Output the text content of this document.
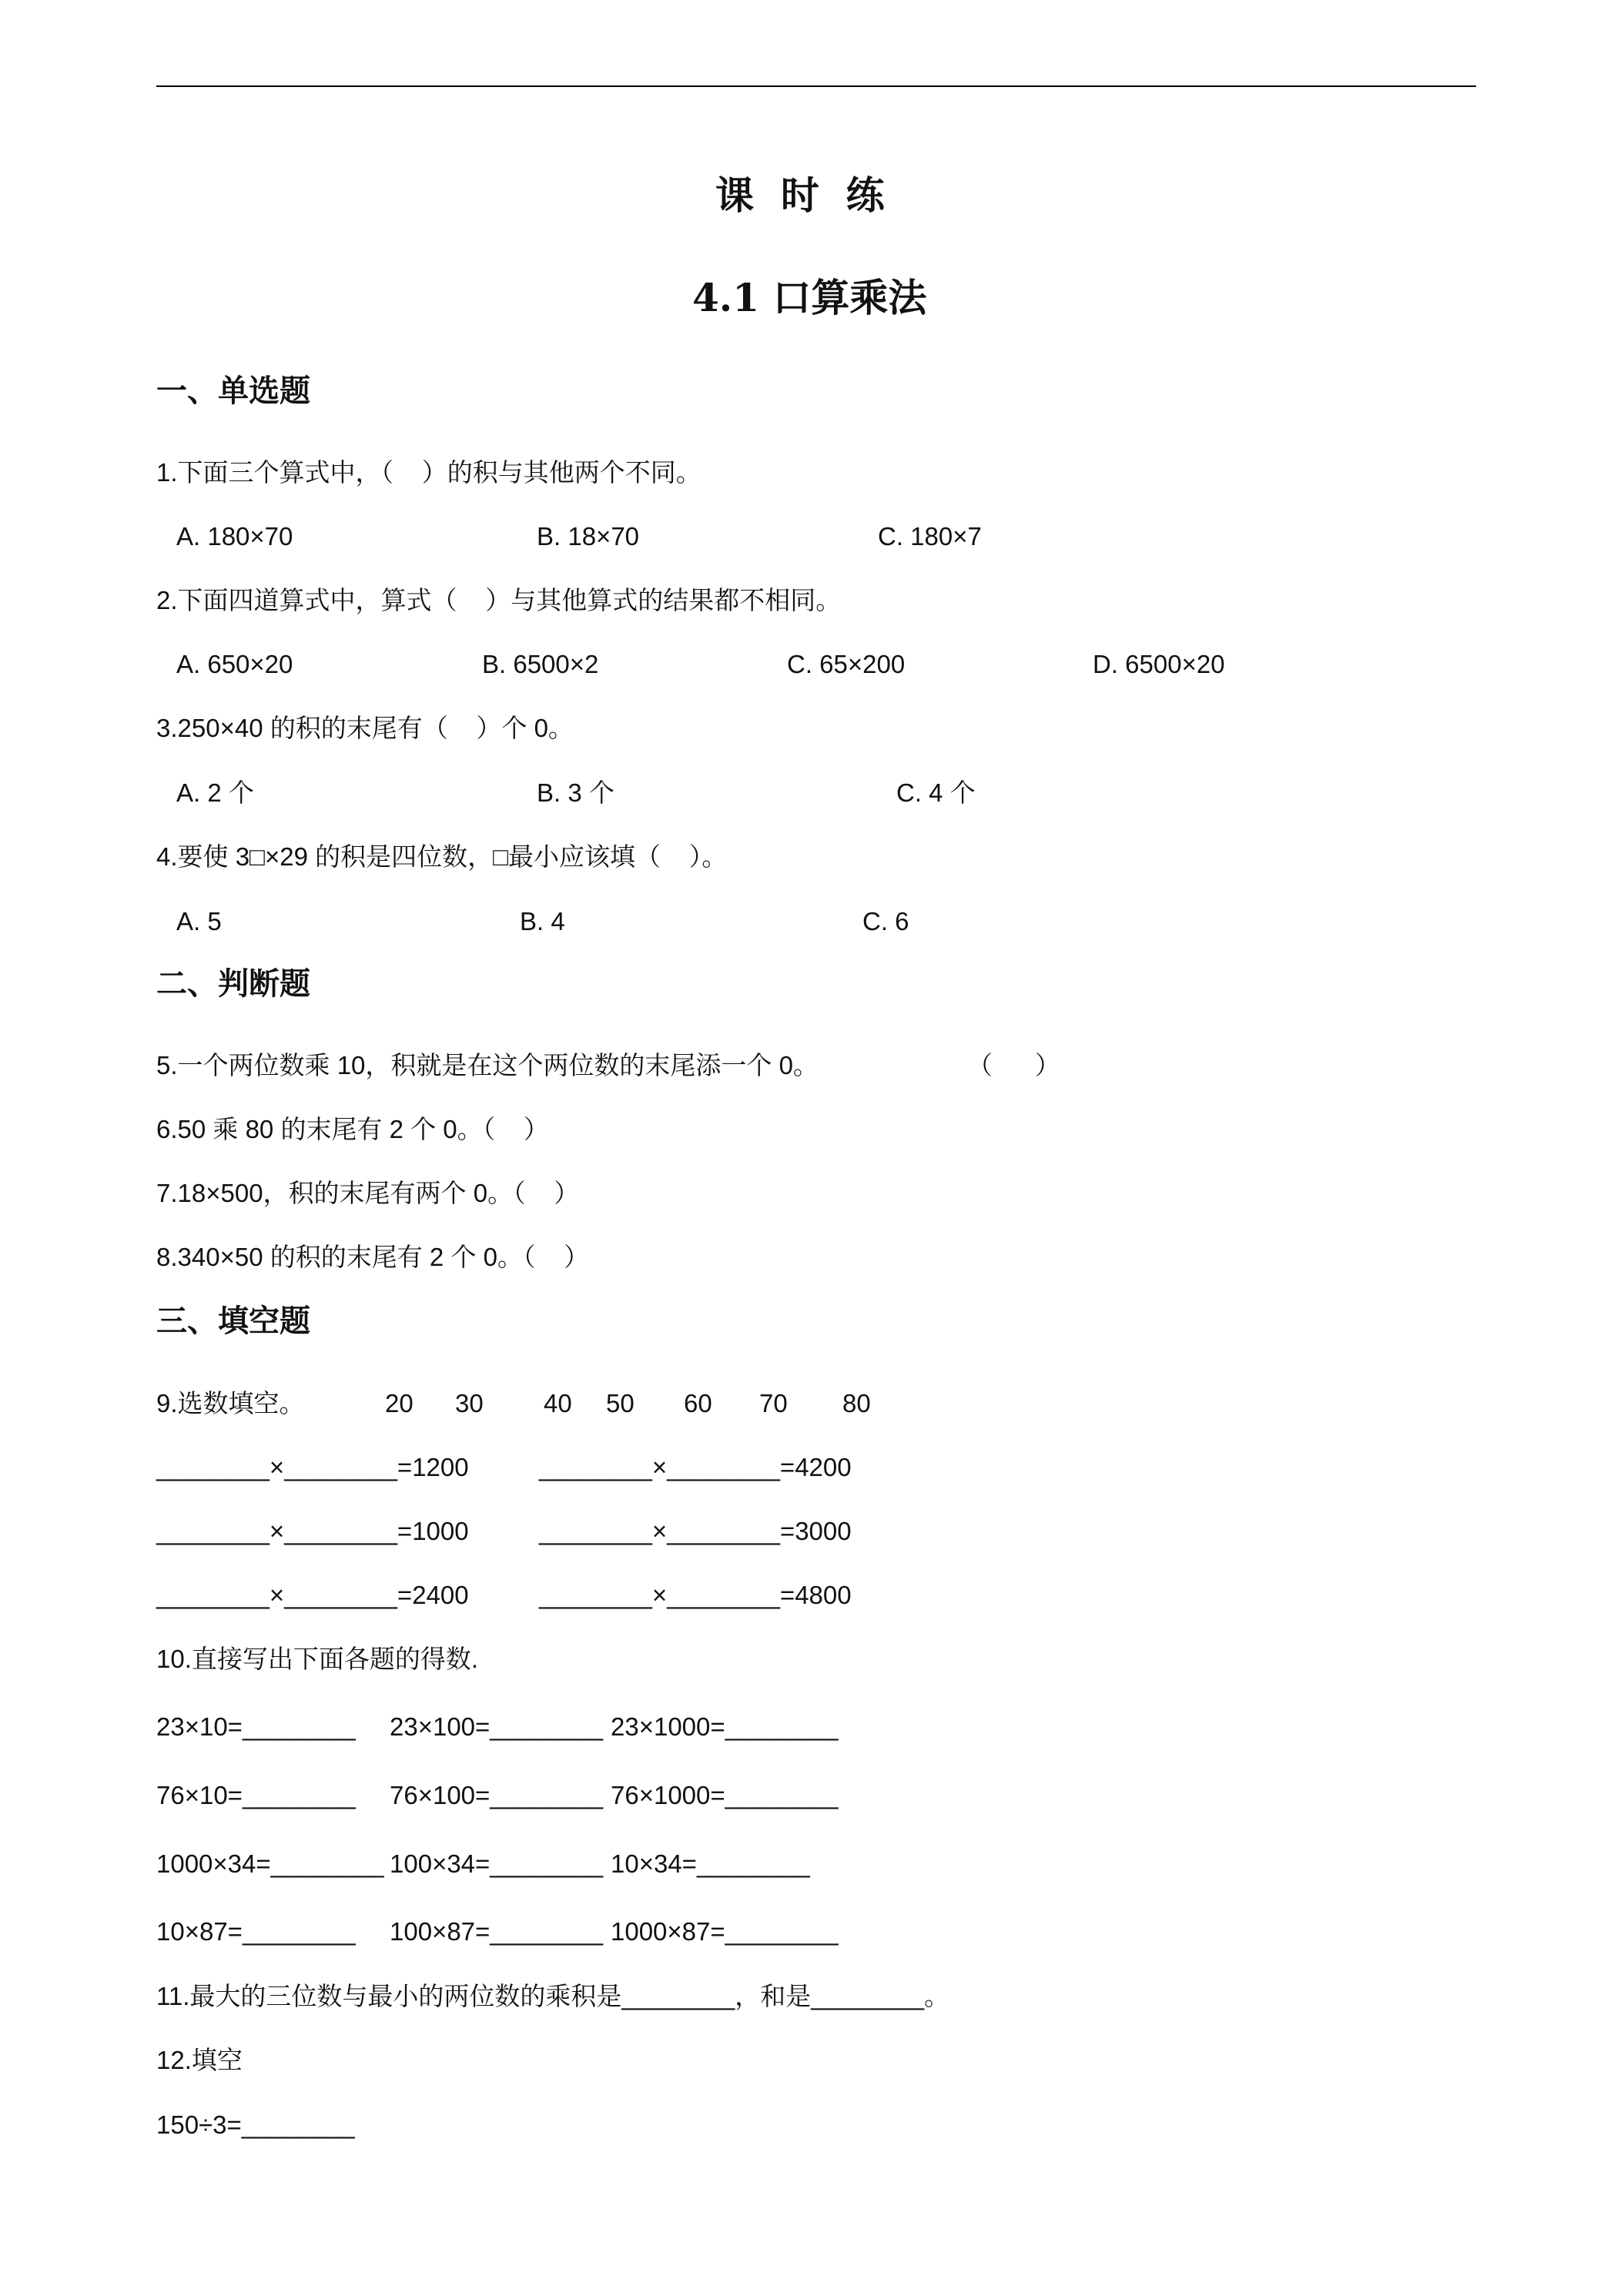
课  时  练
4.1 口算乘法
一、单选题
1.下面三个算式中，（    ）的积与其他两个不同。
A. 180×70	B. 18×70	C. 180×7
2.下面四道算式中，算式（    ）与其他算式的结果都不相同。
A. 650×20	B. 6500×2	C. 65×200	D. 6500×20
3.250×40 的积的末尾有（    ）个 0。
A. 2 个	B. 3 个	C. 4 个
4.要使 3□×29 的积是四位数，□最小应该填（    ）。
A. 5	B. 4	C. 6
二、判断题
5.一个两位数乘 10，积就是在这个两位数的末尾添一个 0。	（      ）
6.50 乘 80 的末尾有 2 个 0。（    ）
7.18×500，积的末尾有两个 0。（    ）
8.340×50 的积的末尾有 2 个 0。（    ）
三、填空题
9.选数填空。	20 30 40 50 60 70 80
________×________=1200	________×________=4200
________×________=1000	________×________=3000
________×________=2400	________×________=4800
10.直接写出下面各题的得数.
23×10=________ 23×100=________ 23×1000=________
76×10=________ 76×100=________ 76×1000=________
1000×34=________ 100×34=________ 10×34=________
10×87=________ 100×87=________ 1000×87=________
11.最大的三位数与最小的两位数的乘积是________，和是________。
12.填空
150÷3=________
